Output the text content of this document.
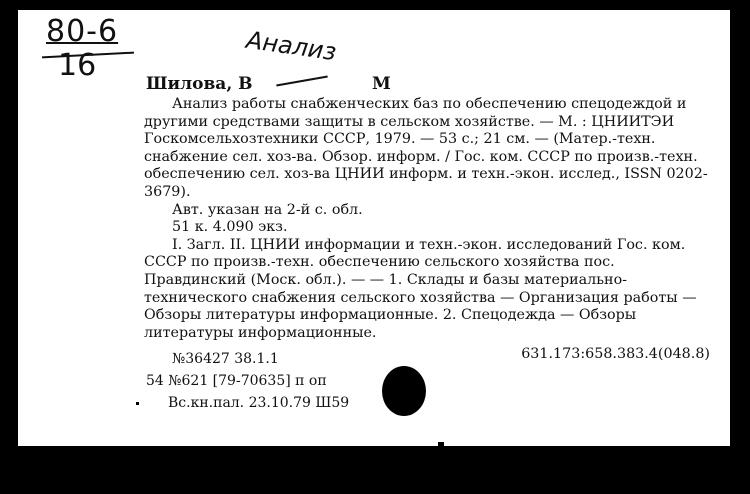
80-6
16	Анализ
Шилова, В	М

Анализ работы снабженческих баз по обеспечению спецодеждой и другими средствами защиты в сельском хозяйстве. — М. : ЦНИИТЭИ Госкомсельхозтехники СССР, 1979. — 53 с.; 21 см. — (Матер.-техн. снабжение сел. хоз-ва. Обзор. информ. / Гос. ком. СССР по произв.-техн. обеспечению сел. хоз-ва ЦНИИ информ. и техн.-экон. исслед., ISSN 0202-3679).

Авт. указан на 2-й с. обл.

51 к. 4.090 экз.

I. Загл. II. ЦНИИ информации и техн.-экон. исследований Гос. ком. СССР по произв.-техн. обеспечению сельского хозяйства пос. Правдинский (Моск. обл.). — — 1. Склады и базы материально-технического снабжения сельского хозяйства — Организация работы — Обзоры литературы информационные. 2. Спецодежда — Обзоры литературы информационные.

631.173:658.383.4(048.8)

№36427 38.1.1
54 №621 [79-70635] п оп
Вс.кн.пал. 23.10.79 Ш59
